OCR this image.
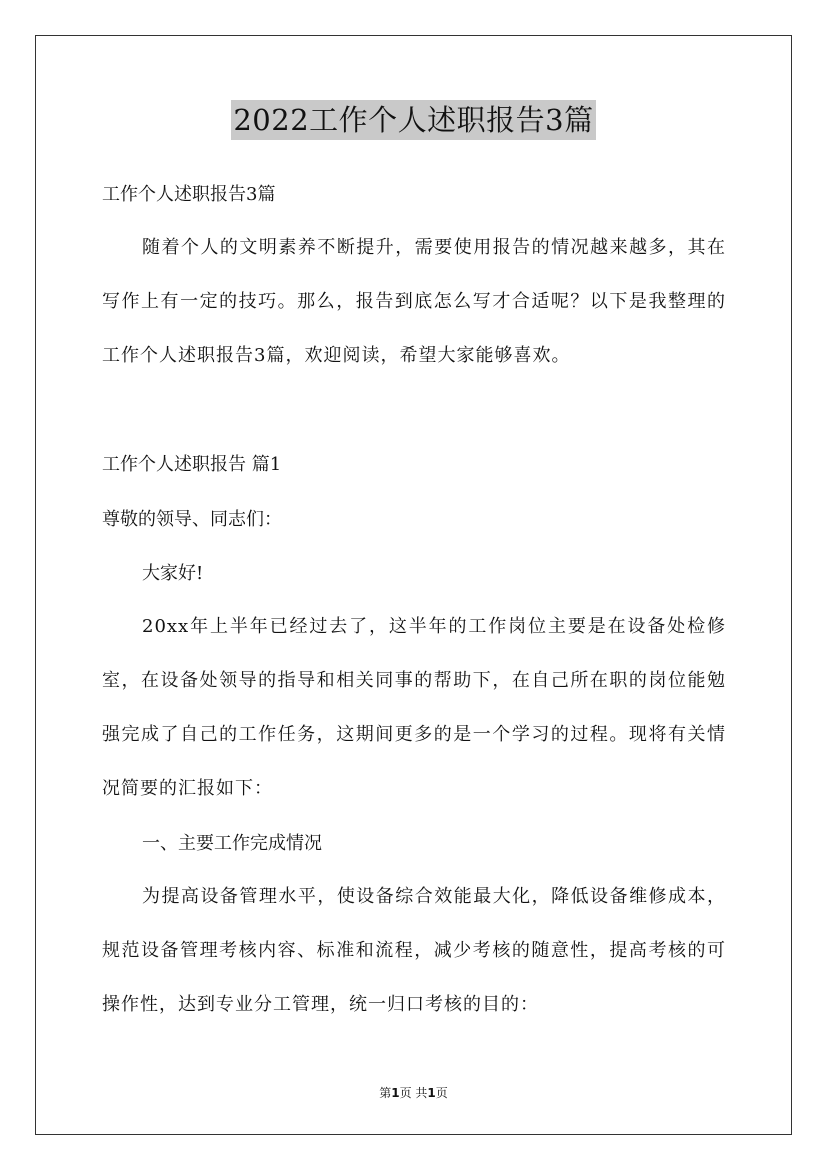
2022工作个人述职报告3篇
工作个人述职报告3篇
随着个人的文明素养不断提升，需要使用报告的情况越来越多，其在写作上有一定的技巧。那么，报告到底怎么写才合适呢？以下是我整理的工作个人述职报告3篇，欢迎阅读，希望大家能够喜欢。
工作个人述职报告 篇1
尊敬的领导、同志们：
大家好!
20xx年上半年已经过去了，这半年的工作岗位主要是在设备处检修室，在设备处领导的指导和相关同事的帮助下，在自己所在职的岗位能勉强完成了自己的工作任务，这期间更多的是一个学习的过程。现将有关情况简要的汇报如下：
一、主要工作完成情况
为提高设备管理水平，使设备综合效能最大化，降低设备维修成本，规范设备管理考核内容、标准和流程，减少考核的随意性，提高考核的可操作性，达到专业分工管理，统一归口考核的目的：
第1页 共1页
